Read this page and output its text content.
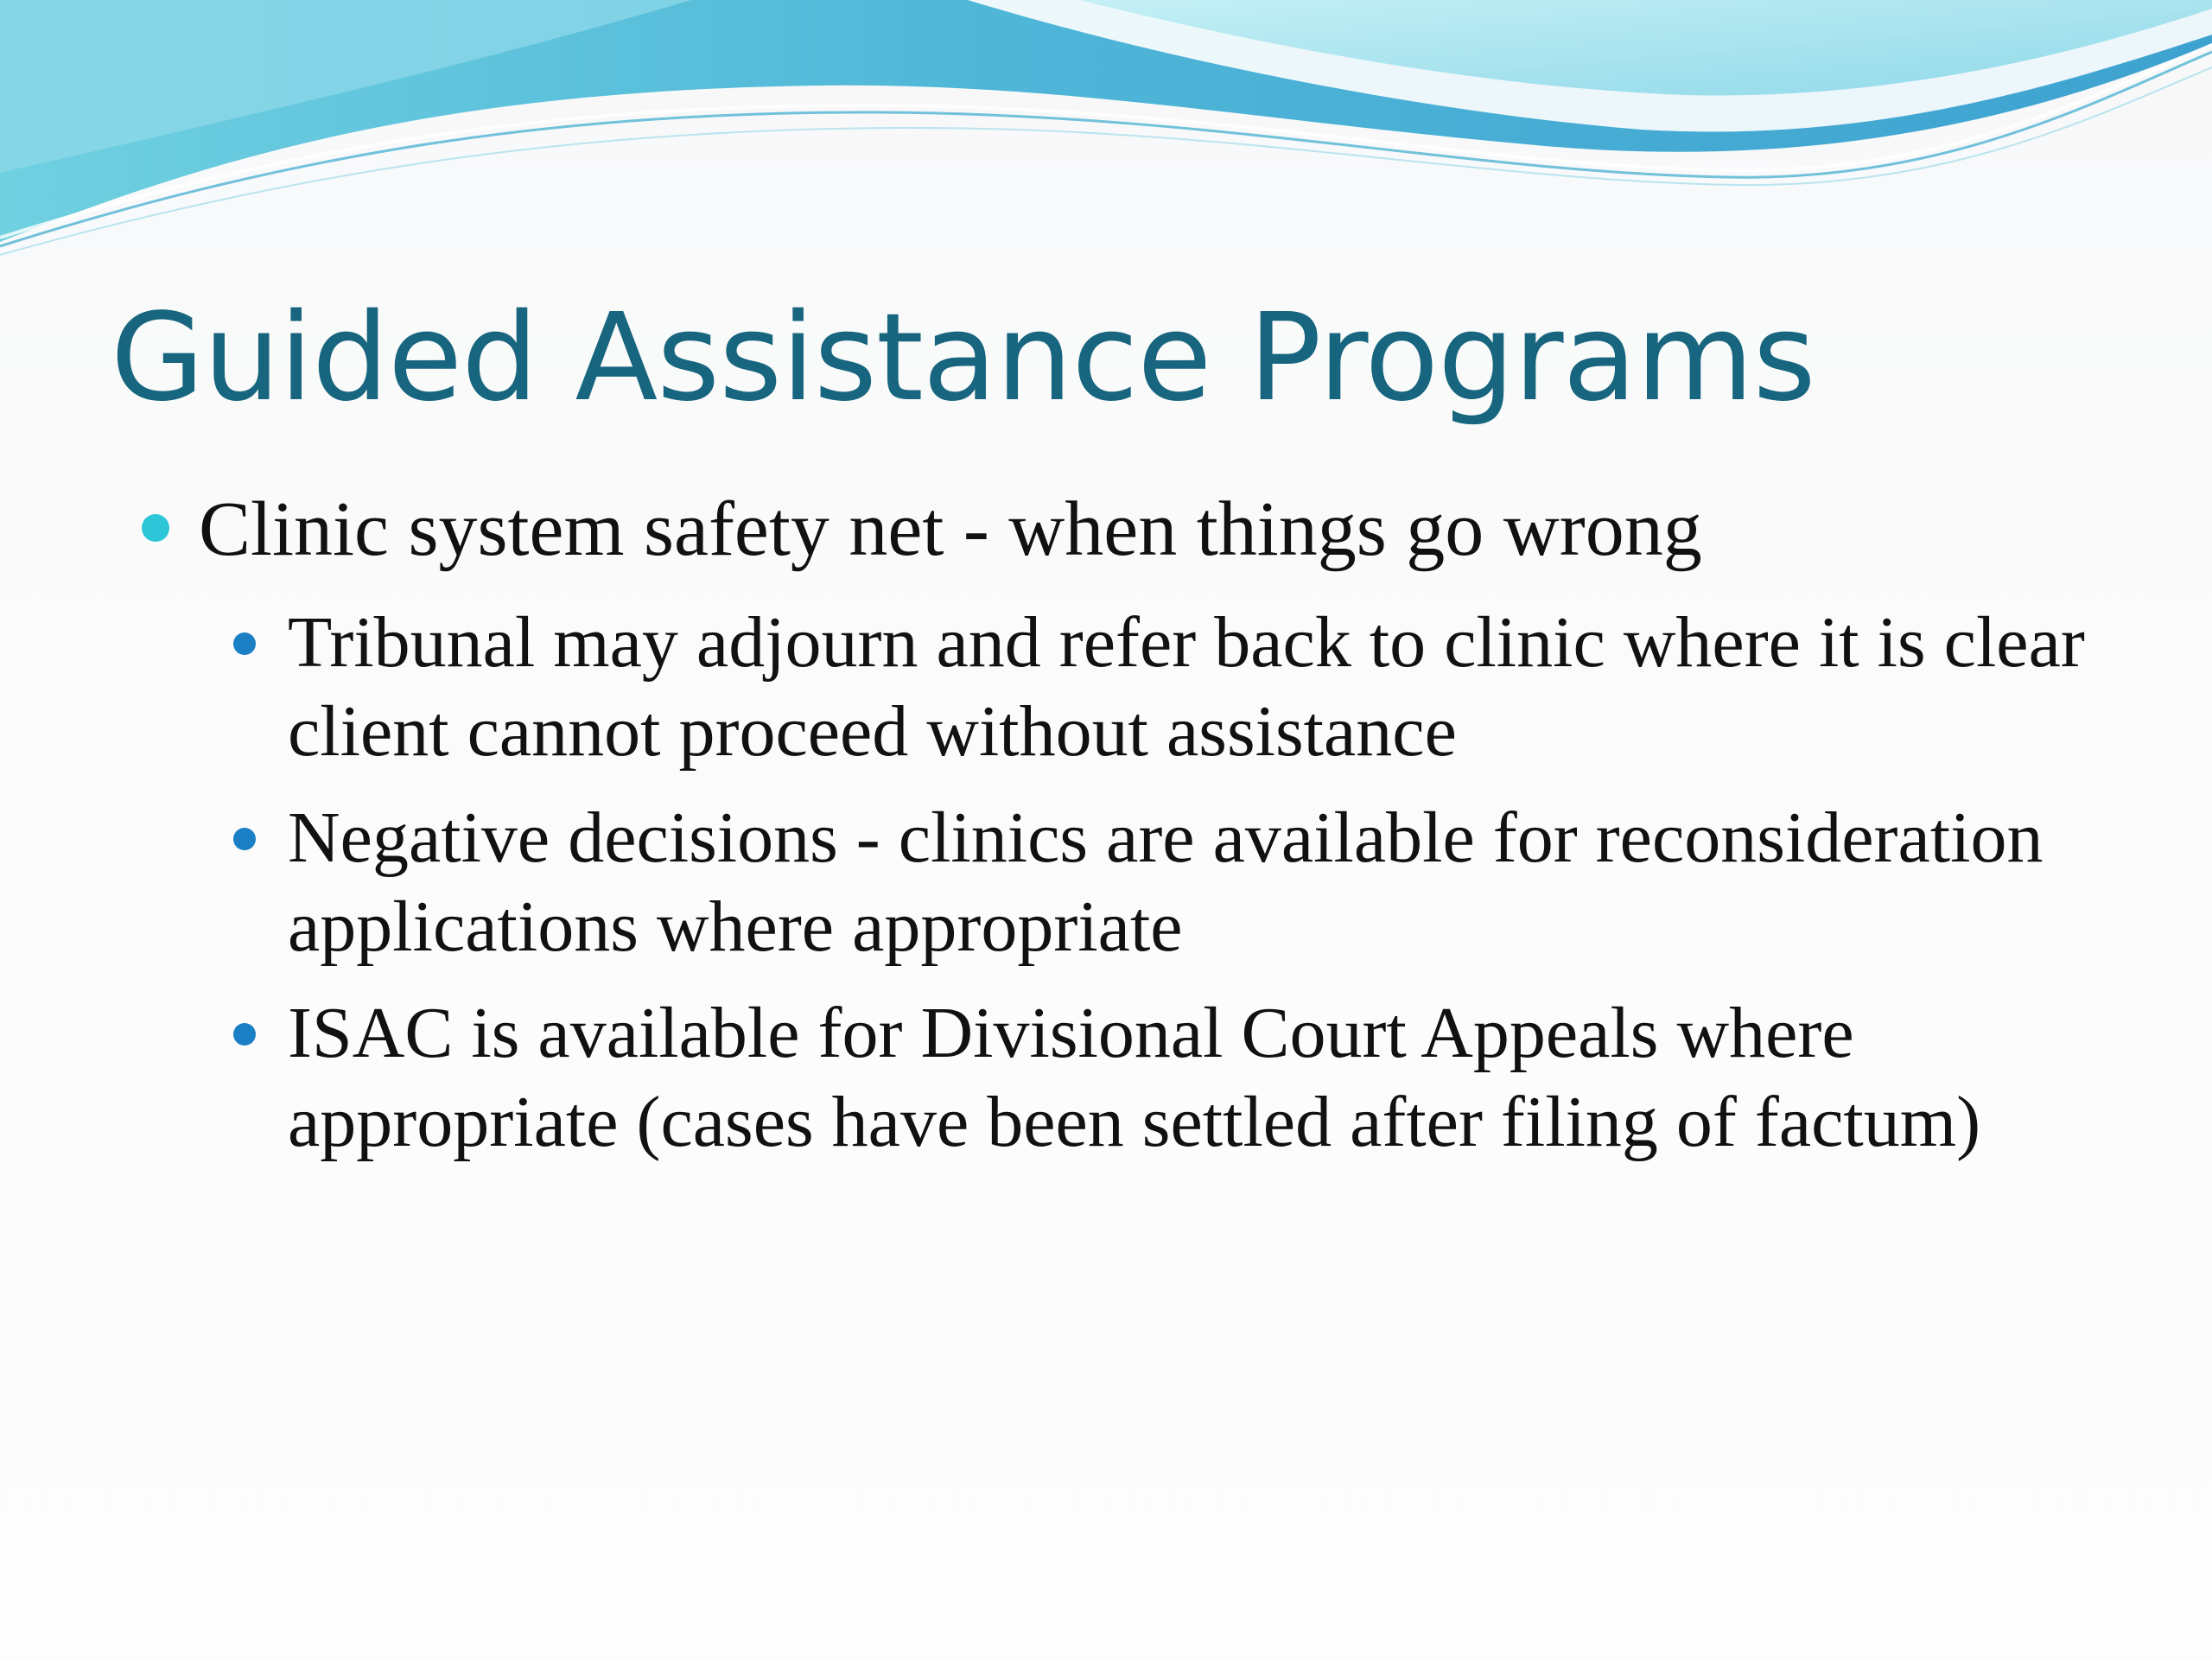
Guided Assistance Programs
Clinic system safety net - when things go wrong
Tribunal may adjourn and refer back to clinic where it is clear client cannot proceed without assistance
Negative decisions - clinics are available for reconsideration applications where appropriate
ISAC is available for Divisional Court Appeals where appropriate (cases have been settled after filing of factum)
